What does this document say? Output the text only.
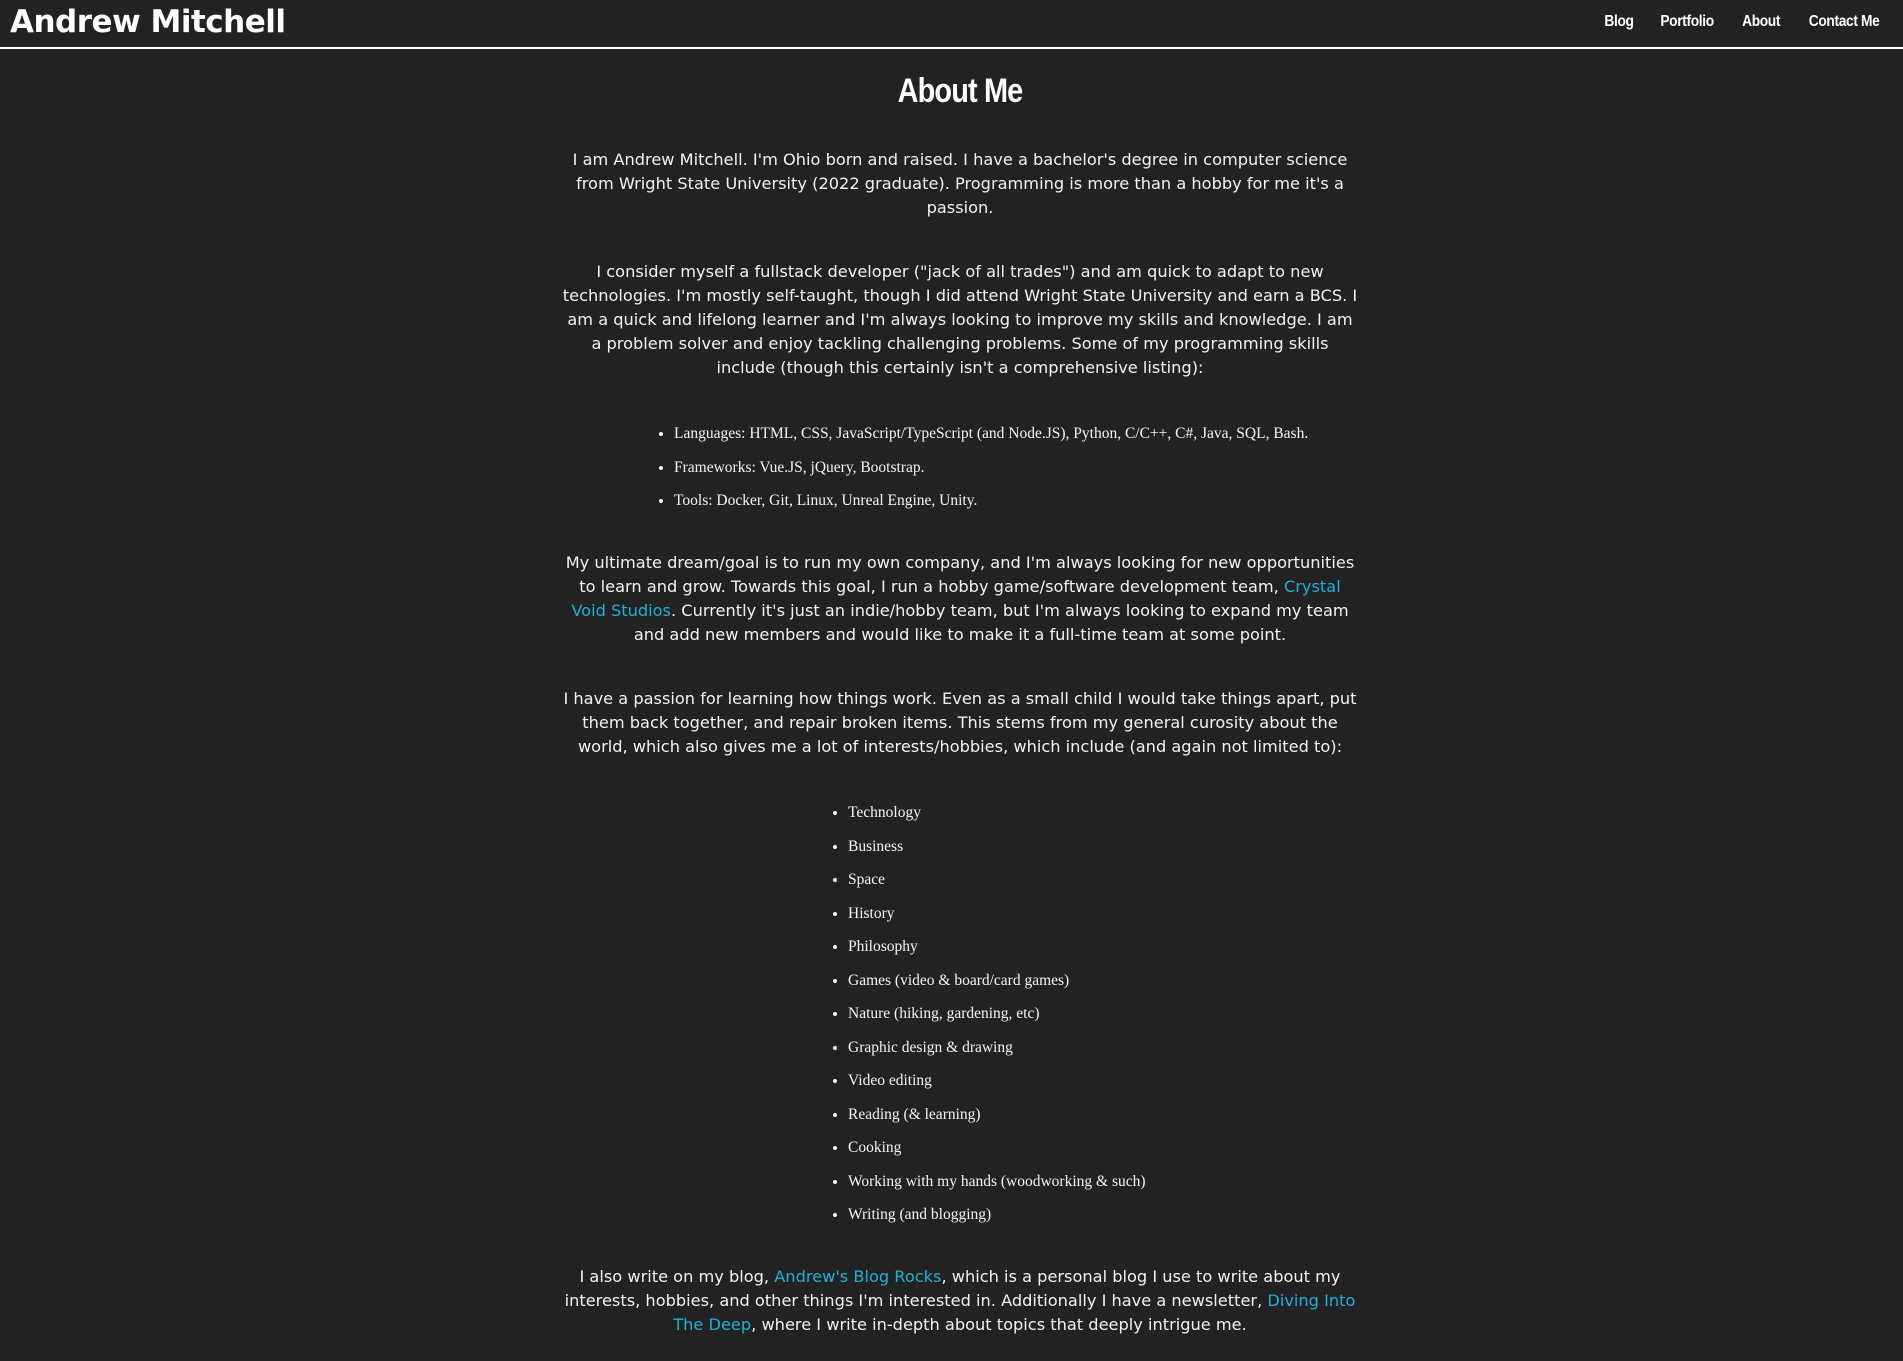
Andrew Mitchell	Blog Portfolio About Contact Me
About Me

I am Andrew Mitchell. I'm Ohio born and raised. I have a bachelor's degree in computer science from Wright State University (2022 graduate). Programming is more than a hobby for me it's a passion.

I consider myself a fullstack developer ("jack of all trades") and am quick to adapt to new technologies. I'm mostly self-taught, though I did attend Wright State University and earn a BCS. I am a quick and lifelong learner and I'm always looking to improve my skills and knowledge. I am a problem solver and enjoy tackling challenging problems. Some of my programming skills include (though this certainly isn't a comprehensive listing):

• Languages: HTML, CSS, JavaScript/TypeScript (and Node.JS), Python, C/C++, C#, Java, SQL, Bash.
• Frameworks: Vue.JS, jQuery, Bootstrap.
• Tools: Docker, Git, Linux, Unreal Engine, Unity.

My ultimate dream/goal is to run my own company, and I'm always looking for new opportunities to learn and grow. Towards this goal, I run a hobby game/software development team, Crystal Void Studios. Currently it's just an indie/hobby team, but I'm always looking to expand my team and add new members and would like to make it a full-time team at some point.

I have a passion for learning how things work. Even as a small child I would take things apart, put them back together, and repair broken items. This stems from my general curosity about the world, which also gives me a lot of interests/hobbies, which include (and again not limited to):

• Technology
• Business
• Space
• History
• Philosophy
• Games (video & board/card games)
• Nature (hiking, gardening, etc)
• Graphic design & drawing
• Video editing
• Reading (& learning)
• Cooking
• Working with my hands (woodworking & such)
• Writing (and blogging)

I also write on my blog, Andrew's Blog Rocks, which is a personal blog I use to write about my interests, hobbies, and other things I'm interested in. Additionally I have a newsletter, Diving Into The Deep, where I write in-depth about topics that deeply intrigue me.
